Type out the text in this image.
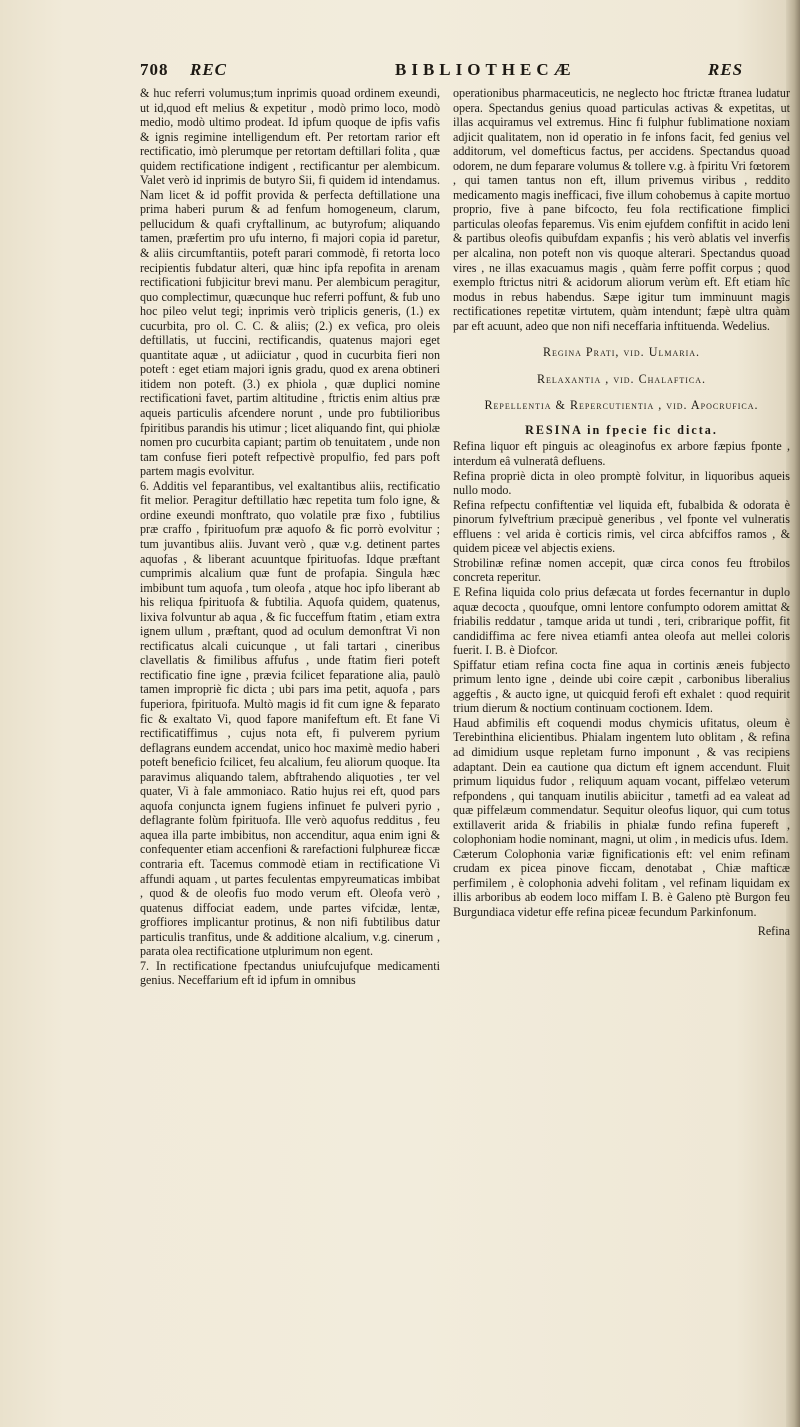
708 REC	BIBLIOTHECÆ	RES

& huc referri volumus;tum inprimis quoad ordinem exeundi, ut id,quod eft melius & expetitur , modò primo loco, modò medio, modò ultimo prodeat. Id ipfum quoque de ipfis vafis & ignis regimine intelligendum eft. Per retortam rarior eft rectificatio, imò plerumque per retortam deftillari folita , quæ quidem rectificatione indigent , rectificantur per alembicum. Valet verò id inprimis de butyro Sii, fi quidem id intendamus. Nam licet & id poffit provida & perfecta deftillatione una prima haberi purum & ad fenfum homogeneum, clarum, pellucidum & quafi cryftallinum, ac butyrofum; aliquando tamen, præfertim pro ufu interno, fi majori copia id paretur, & aliis circumftantiis, poteft parari commodè, fi retorta loco recipientis fubdatur alteri, quæ hinc ipfa repofita in arenam rectificationi fubjicitur brevi manu. Per alembicum peragitur, quo complectimur, quæcunque huc referri poffunt, & fub uno hoc pileo velut tegi; inprimis verò triplicis generis, (1.) ex cucurbita, pro ol. C. C. & aliis; (2.) ex vefica, pro oleis deftillatis, ut fuccini, rectificandis, quatenus majori eget quantitate aquæ , ut adiiciatur , quod in cucurbita fieri non poteft : eget etiam majori ignis gradu, quod ex arena obtineri itidem non poteft. (3.) ex phiola , quæ duplici nomine rectificationi favet, partim altitudine , ftrictis enim altius præ aqueis particulis afcendere norunt , unde pro fubtilioribus fpiritibus parandis his utimur ; licet aliquando fint, qui phiolæ nomen pro cucurbita capiant; partim ob tenuitatem , unde non tam confuse fieri poteft refpectivè propulfio, fed pars poft partem magis evolvitur.

6. Additis vel feparantibus, vel exaltantibus aliis, rectificatio fit melior. Peragitur deftillatio hæc repetita tum folo igne, & ordine exeundi monftrato, quo volatile præ fixo , fubtilius præ craffo , fpirituofum præ aquofo & fic porrò evolvitur ; tum juvantibus aliis. Juvant verò , quæ v.g. detinent partes aquofas , & liberant acuuntque fpirituofas. Idque præftant cumprimis alcalium quæ funt de profapia. Singula hæc imbibunt tum aquofa , tum oleofa , atque hoc ipfo liberant ab his reliqua fpirituofa & fubtilia. Aquofa quidem, quatenus, lixiva folvuntur ab aqua , & fic fucceffum ftatim , etiam extra ignem ullum , præftant, quod ad oculum demonftrat Vi non rectificatus alcali cuicunque , ut fali tartari , cineribus clavellatis & fimilibus affufus , unde ftatim fieri poteft rectificatio fine igne , prævia fcilicet feparatione alia, paulò tamen impropriè fic dicta ; ubi pars ima petit, aquofa , pars fuperiora, fpirituofa. Multò magis id fit cum igne & feparato fic & exaltato Vi, quod fapore manifeftum eft. Et fane Vi rectificatiffimus , cujus nota eft, fi pulverem pyrium deflagrans eundem accendat, unico hoc maximè medio haberi poteft beneficio fcilicet, feu alcalium, feu aliorum quoque. Ita paravimus aliquando talem, abftrahendo aliquoties , ter vel quater, Vi à fale ammoniaco. Ratio hujus rei eft, quod pars aquofa conjuncta ignem fugiens infinuet fe pulveri pyrio , deflagrante folùm fpirituofa. Ille verò aquofus redditus , feu aquea illa parte imbibitus, non accenditur, aqua enim igni & confequenter etiam accenfioni & rarefactioni fulphureæ ficcæ contraria eft. Tacemus commodè etiam in rectificatione Vi affundi aquam , ut partes feculentas empyreumaticas imbibat , quod & de oleofis fuo modo verum eft. Oleofa verò , quatenus diffociat eadem, unde partes vifcidæ, lentæ, groffiores implicantur protinus, & non nifi fubtilibus datur particulis tranfitus, unde & additione alcalium, v.g. cinerum , parata olea rectificatione utplurimum non egent.

7. In rectificatione fpectandus uniufcujufque medicamenti genius. Neceffarium eft id ipfum in omnibus

operationibus pharmaceuticis, ne neglecto hoc ftrictæ ftranea ludatur opera. Spectandus genius quoad particulas activas & expetitas, ut illas acquiramus vel extremus. Hinc fi fulphur fublimatione noxiam adjicit qualitatem, non id operatio in fe infons facit, fed genius vel additorum, vel domefticus factus, per accidens. Spectandus quoad odorem, ne dum feparare volumus & tollere v.g. à fpiritu Vri fœtorem , qui tamen tantus non eft, illum privemus viribus , reddito medicamento magis inefficaci, five illum cohobemus à capite mortuo proprio, five à pane bifcocto, feu fola rectificatione fimplici particulas oleofas feparemus. Vis enim ejufdem confiftit in acido leni & partibus oleofis quibufdam expanfis ; his verò ablatis vel inverfis per alcalina, non poteft non vis quoque alterari. Spectandus quoad vires , ne illas exacuamus magis , quàm ferre poffit corpus ; quod exemplo ftrictus nitri & acidorum aliorum verùm eft. Eft etiam hîc modus in rebus habendus. Sæpe igitur tum imminuunt magis rectificationes repetitæ virtutem, quàm intendunt; fæpè ultra quàm par eft acuunt, adeo que non nifi neceffaria inftituenda. Wedelius.

Regina Prati, vid. Ulmaria.

Relaxantia , vid. Chalaftica.

Repellentia & Repercutientia , vid. Apocrufica.

RESINA in fpecie fic dicta.

Refina liquor eft pinguis ac oleaginofus ex arbore fæpius fponte , interdum eâ vulneratâ defluens.

Refina propriè dicta in oleo promptè folvitur, in liquoribus aqueis nullo modo.

Refina refpectu confiftentiæ vel liquida eft, fubalbida & odorata è pinorum fylveftrium præcipuè generibus , vel fponte vel vulneratis effluens : vel arida è corticis rimis, vel circa abfciffos ramos , & quidem piceæ vel abjectis exiens.

Strobilinæ refinæ nomen accepit, quæ circa conos feu ftrobilos concreta reperitur.

E Refina liquida colo prius defæcata ut fordes fecernantur in duplo aquæ decocta , quoufque, omni lentore confumpto odorem amittat & friabilis reddatur , tamque arida ut tundi , teri, cribrarique poffit, fit candidiffima ac fere nivea etiamfi antea oleofa aut mellei coloris fuerit. I. B. è Diofcor.

Spiffatur etiam refina cocta fine aqua in cortinis æneis fubjecto primum lento igne , deinde ubi coire cæpit , carbonibus liberalius aggeftis , & aucto igne, ut quicquid ferofi eft exhalet : quod requirit trium dierum & noctium continuam coctionem. Idem.

Haud abfimilis eft coquendi modus chymicis ufitatus, oleum è Terebinthina elicientibus. Phialam ingentem luto oblitam , & refina ad dimidium usque repletam furno imponunt , & vas recipiens adaptant. Dein ea cautione qua dictum eft ignem accendunt. Fluit primum liquidus fudor , reliquum aquam vocant, piffelæo veterum refpondens , qui tanquam inutilis abiicitur , tametfi ad ea valeat ad quæ piffelæum commendatur. Sequitur oleofus liquor, qui cum totus extillaverit arida & friabilis in phialæ fundo refina fupereft , colophoniam hodie nominant, magni, ut olim , in medicis ufus. Idem.

Cæterum Colophonia variæ fignificationis eft: vel enim refinam crudam ex picea pinove ficcam, denotabat , Chiæ mafticæ perfimilem , è colophonia advehi folitam , vel refinam liquidam ex illis arboribus ab eodem loco miffam I. B. è Galeno ptè Burgon feu Burgundiaca videtur effe refina piceæ fecundum Parkinfonum.

Refina
